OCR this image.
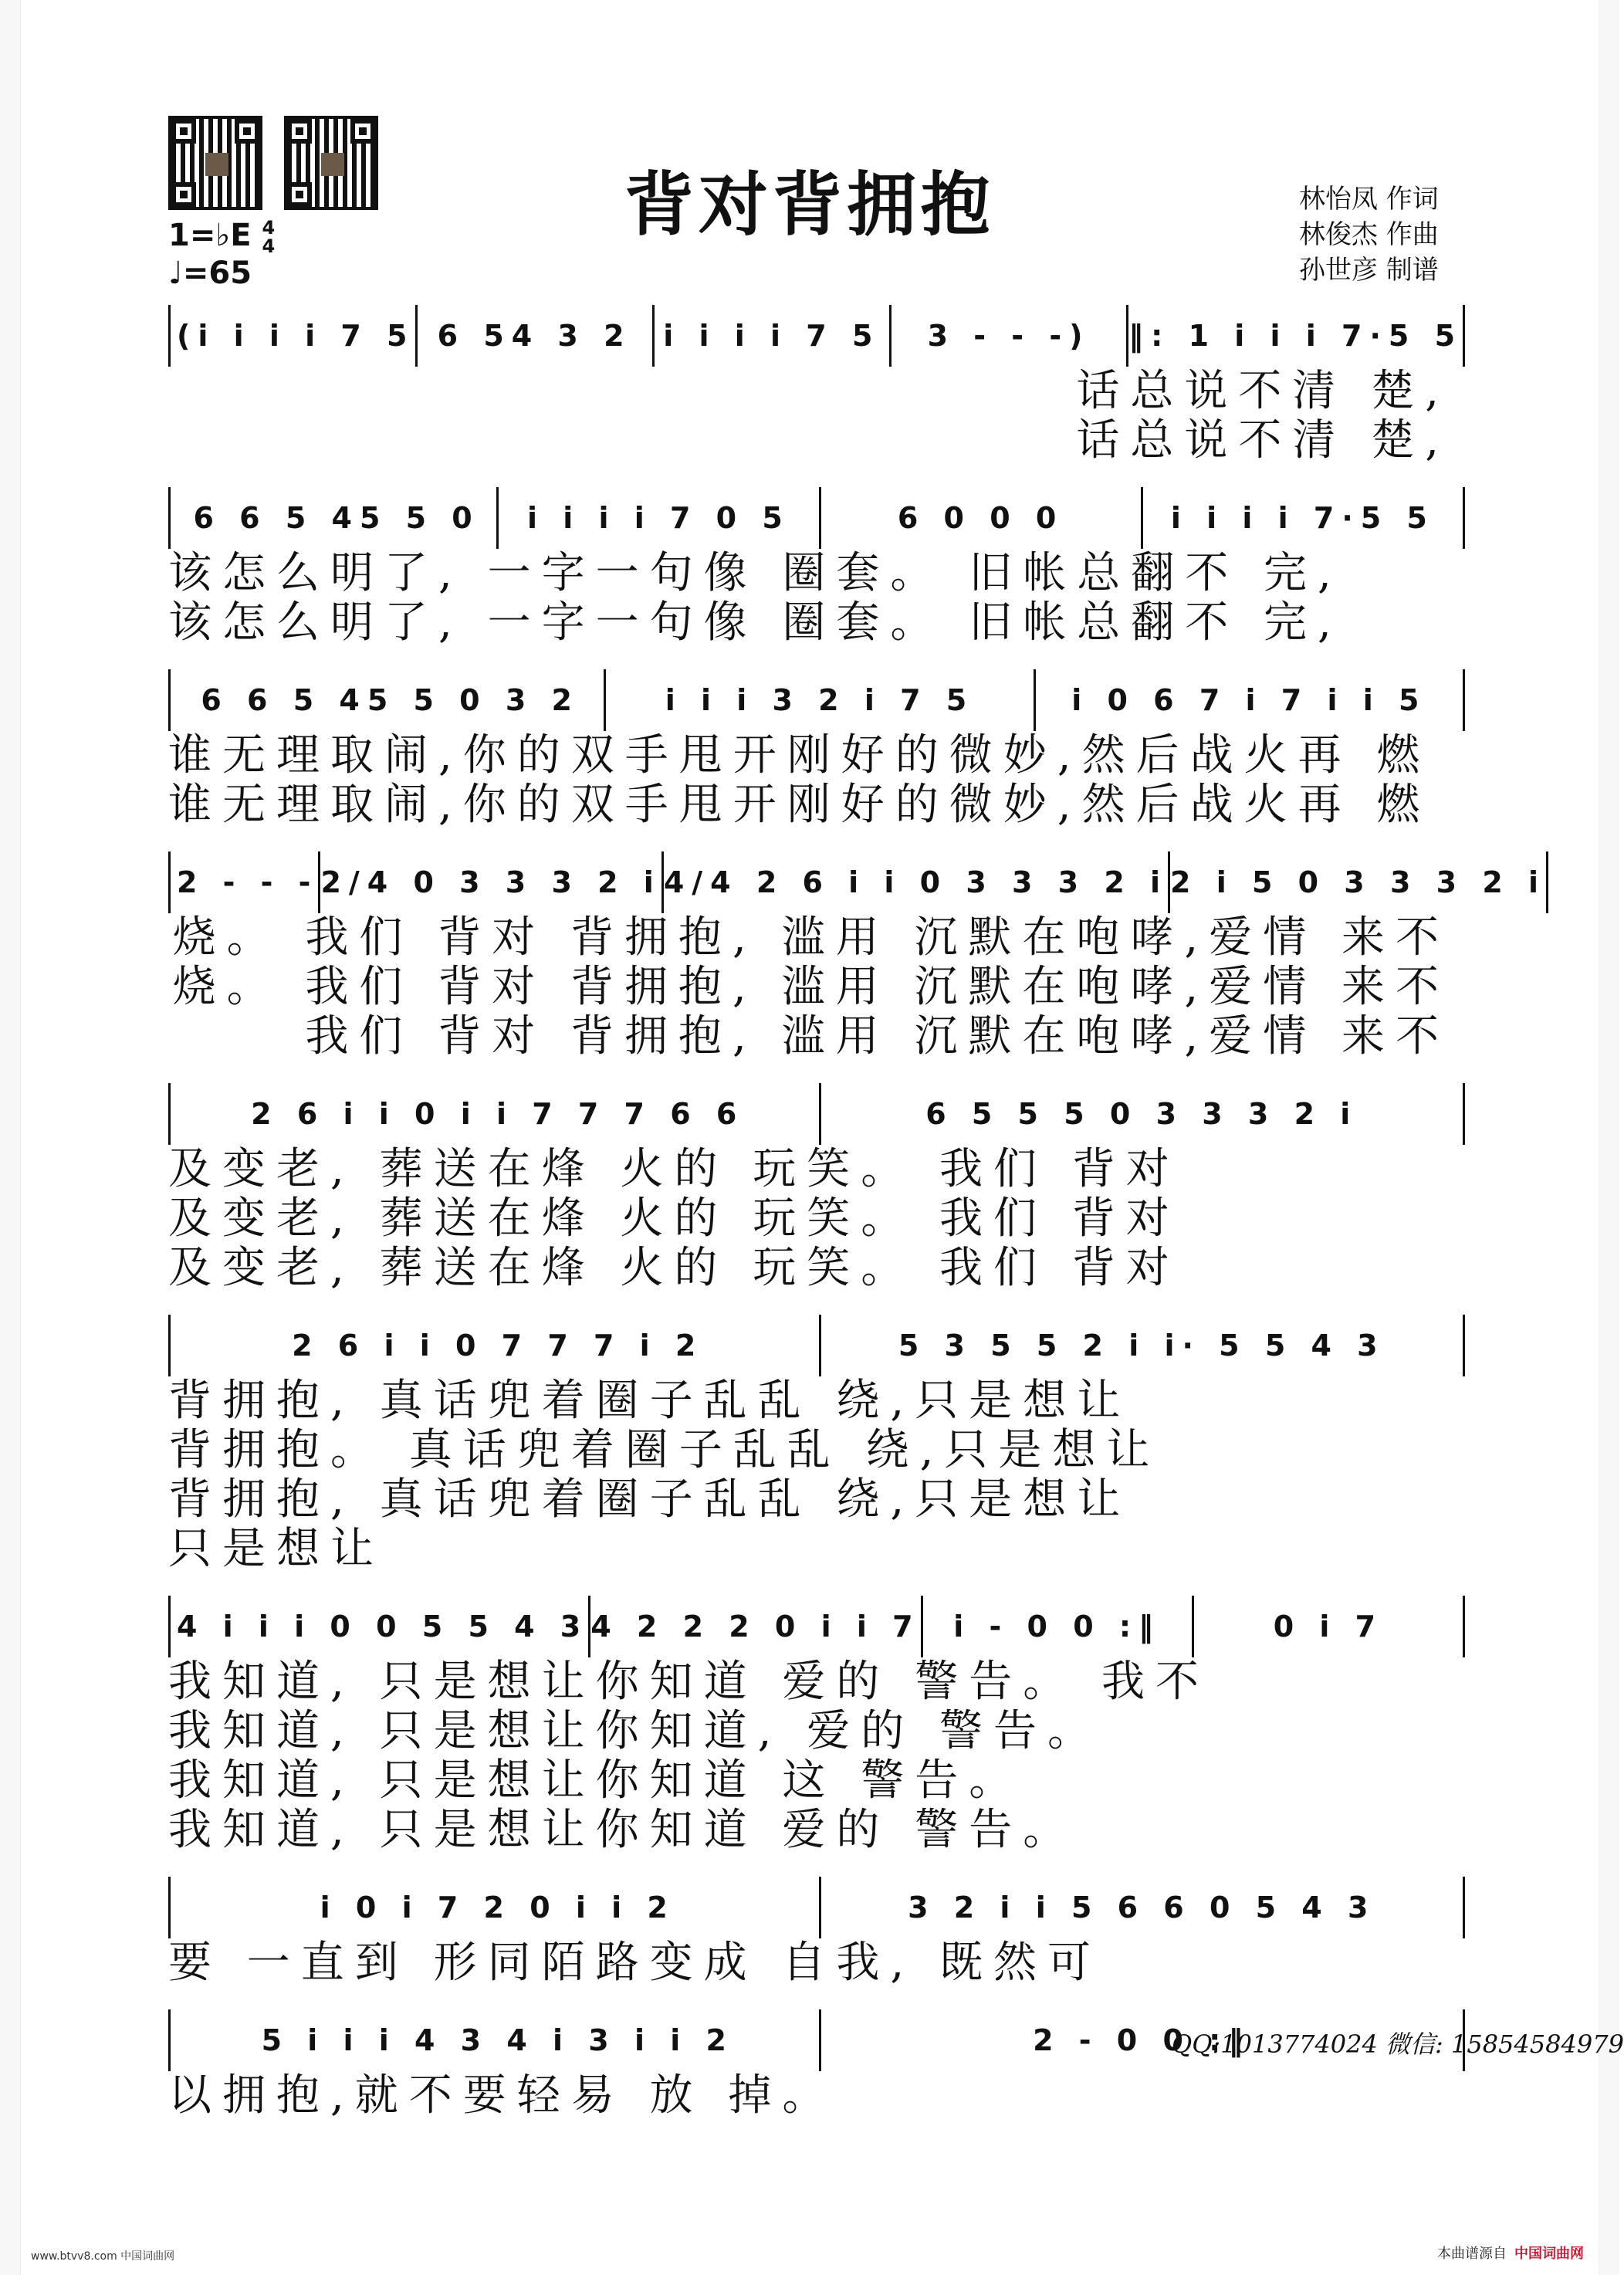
背对背拥抱	林怡凤 作词
林俊杰 作曲
孙世彦 制谱
1=♭E 4
4
♩=65
(i i i i 7 5 6 54 3 2	i i i i 7 5	3 - - -)	‖: 1 i i i 7·5 5
话总说不清 楚,
话总说不清 楚,
6 6 5 45 5 0	i i i i 7 0 5	6 0 0 0	i i i i 7·5 5
该怎么明了, 一字一句像 圈套。 旧帐总翻不 完,
该怎么明了, 一字一句像 圈套。 旧帐总翻不 完,
6 6 5 45 5 0 3 2	i i i 3 2 i 7 5	i 0 6 7 i 7 i i 5
谁无理取闹,你的双手甩开刚好的微妙,然后战火再 燃
谁无理取闹,你的双手甩开刚好的微妙,然后战火再 燃
2 - - - 2/4 0 3 3 3 2 i 4/4 2 6 i i 0 3 3 3 2 i 2 i 5 0 3 3 3 2 i
烧。 我们 背对 背拥抱, 滥用 沉默在咆哮,爱情 来不
烧。 我们 背对 背拥抱, 滥用 沉默在咆哮,爱情 来不
我们 背对 背拥抱, 滥用 沉默在咆哮,爱情 来不
2 6 i i 0 i i 7 7 7 6 6	6 5 5 5 0 3 3 3 2 i
及变老, 葬送在烽 火的 玩笑。 我们 背对
及变老, 葬送在烽 火的 玩笑。 我们 背对
及变老, 葬送在烽 火的 玩笑。 我们 背对
2 6 i i 0 7 7 7 i 2	5 3 5 5 2 i i· 5 5 4 3
背拥抱, 真话兜着圈子乱乱 绕,只是想让
背拥抱。 真话兜着圈子乱乱 绕,只是想让
背拥抱, 真话兜着圈子乱乱 绕,只是想让
只是想让
4 i i i 0 0 5 5 4 3 4 2 2 2 0 i i 7	i - 0 0 :‖	0 i 7
我知道, 只是想让你知道 爱的 警告。 我不
我知道, 只是想让你知道, 爱的 警告。
我知道, 只是想让你知道 这 警告。
我知道, 只是想让你知道 爱的 警告。
i 0 i 7 2 0 i i 2	3 2 i i 5 6 6 0 5 4 3
要 一直到 形同陌路变成 自我, 既然可
5 i i i 4 3 4 i 3 i i 2	2 - 0 0 :‖
QQ:1013774024 微信: 15854584979
以拥抱,就不要轻易 放 掉。
www.btvv8.com 中国词曲网	本曲谱源自 中国词曲网
